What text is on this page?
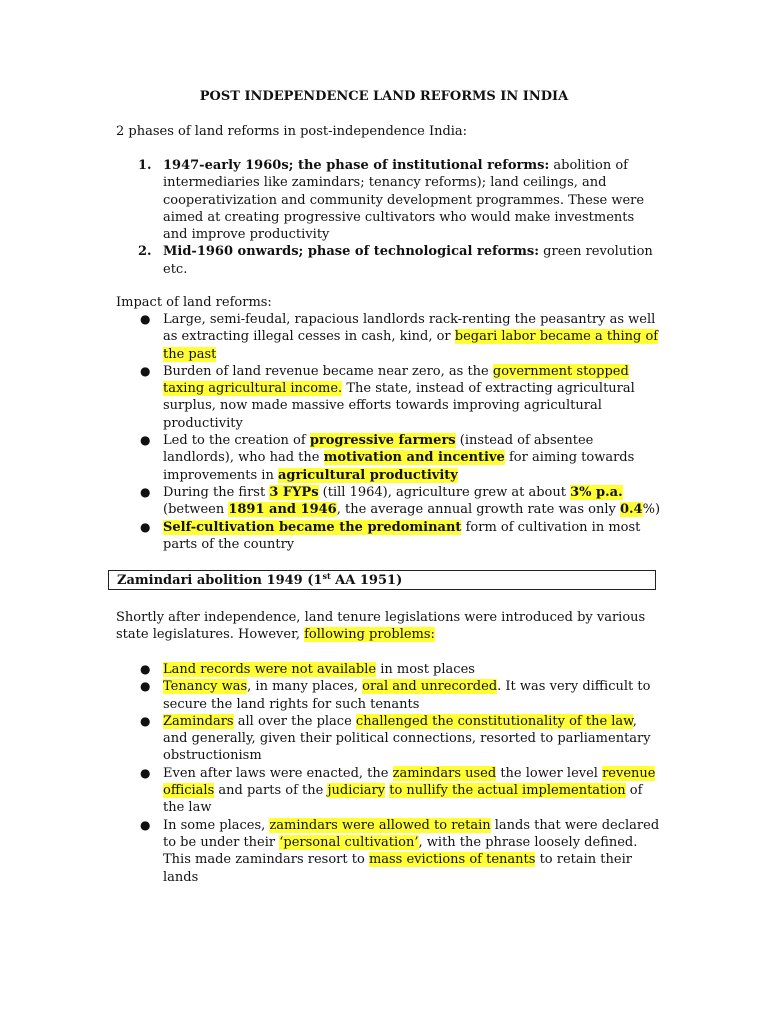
POST INDEPENDENCE LAND REFORMS IN INDIA
2 phases of land reforms in post-independence India:
1. 1947-early 1960s; the phase of institutional reforms: abolition of intermediaries like zamindars; tenancy reforms); land ceilings, and cooperativization and community development programmes. These were aimed at creating progressive cultivators who would make investments and improve productivity
2. Mid-1960 onwards; phase of technological reforms: green revolution etc.
Impact of land reforms:
● Large, semi-feudal, rapacious landlords rack-renting the peasantry as well as extracting illegal cesses in cash, kind, or begari labor became a thing of the past
● Burden of land revenue became near zero, as the government stopped taxing agricultural income. The state, instead of extracting agricultural surplus, now made massive efforts towards improving agricultural productivity
● Led to the creation of progressive farmers (instead of absentee landlords), who had the motivation and incentive for aiming towards improvements in agricultural productivity
● During the first 3 FYPs (till 1964), agriculture grew at about 3% p.a. (between 1891 and 1946, the average annual growth rate was only 0.4%)
● Self-cultivation became the predominant form of cultivation in most parts of the country
Zamindari abolition 1949 (1st AA 1951)
Shortly after independence, land tenure legislations were introduced by various state legislatures. However, following problems:
● Land records were not available in most places
● Tenancy was, in many places, oral and unrecorded. It was very difficult to secure the land rights for such tenants
● Zamindars all over the place challenged the constitutionality of the law, and generally, given their political connections, resorted to parliamentary obstructionism
● Even after laws were enacted, the zamindars used the lower level revenue officials and parts of the judiciary to nullify the actual implementation of the law
● In some places, zamindars were allowed to retain lands that were declared to be under their ‘personal cultivation’, with the phrase loosely defined. This made zamindars resort to mass evictions of tenants to retain their lands
